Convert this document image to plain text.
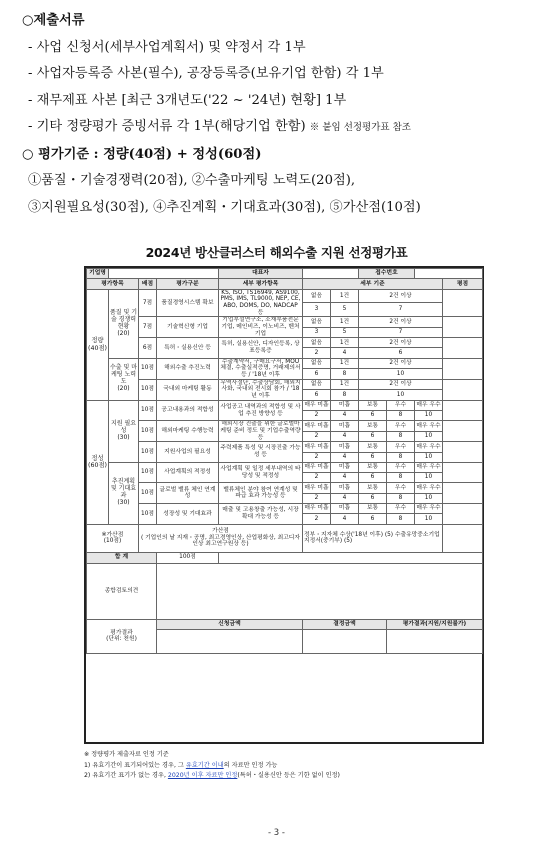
○제출서류
- 사업 신청서(세부사업계획서) 및 약정서 각 1부
- 사업자등록증 사본(필수), 공장등록증(보유기업 한함) 각 1부
- 재무제표 사본 [최근 3개년도('22 ~ '24년) 현황] 1부
- 기타 정량평가 증빙서류 각 1부(해당기업 한함) ※ 붙임 선정평가표 참조
○ 평가기준 : 정량(40점) + 정성(60점)
①품질・기술경쟁력(20점), ②수출마케팅 노력도(20점),
③지원필요성(30점), ④추진계획・기대효과(30점), ⑤가산점(10점)
2024년 방산클러스터 해외수출 지원 선정평가표
기업명				대표자			접수번호			
평가항목		배점	평가구분	세부 평가항목	세부 기준					평점
정량
(40점)	품질 및 기술 경쟁력 현황
(20)	7점	품질경영시스템 확보	KS, ISO, TS16949, AS9100, PMS, IMS, TL9000, NEP, CE, ABO, DOMS, DO, NADCAP 등	없음	1건	2건 이상			
					3	5	7			
		7점	기술혁신형 기업	기업부설연구소, 소재부품전문 기업, 메인비즈, 이노비즈, 벤처기업	없음	1건	2건 이상			
					3	5	7			
		6점	특허・실용신안 등	특허, 실용신안, 디자인등록, 상표등록증	없음	1건	2건 이상			
					2	4	6			
	수출 및 마케팅 노력도
(20)	10점	해외수출 추진노력	수출계약서, 구매요구서, MOU체결, 수출실적증명, 거래제의서 등 / '18년 이후	없음	1건	2건 이상			
					6	8	10			
		10점	국내외 마케팅 활동	무역사절단, 수출상담회, 해외지사화, 국내외 전시회 참가 / '18년 이후	없음	1건	2건 이상			
					6	8	10			
정성
(60점)	지원 필요성
(30)	10점	공고내용과의 적합성	사업공고 내역과의 적합성 및 사업 추진 방향성 등	매우 미흡	미흡	보통	우수	매우 우수	
					2	4	6	8	10	
		10점	해외마케팅 수행능력	해외시장 진출을 위한 글로벌마케팅 준비 정도 및 기업수출역량 등	매우 미흡	미흡	보통	우수	매우 우수	
					2	4	6	8	10	
		10점	지원사업의 필요성	주력제품 특성 및 시장진출 가능성 등	매우 미흡	미흡	보통	우수	매우 우수	
					2	4	6	8	10	
	추진계획 및 기대효과
(30)	10점	사업계획의 적정성	사업계획 및 일정 세부내역의 타당성 및 적정성	매우 미흡	미흡	보통	우수	매우 우수	
					2	4	6	8	10	
		10점	글로벌 밸류 체인 연계성	밸류체인 분야 참여 연계성 및 파급 효과 가능성 등	매우 미흡	미흡	보통	우수	매우 우수	
					2	4	6	8	10	
		10점	성장성 및 기대효과	매출 및 고용창출 가능성, 시장 확대 가능성 등	매우 미흡	미흡	보통	우수	매우 우수	
					2	4	6	8	10	
※가산점
(10점)		가산점
( 기업인의 날 지재・공명, 최고경영인상, 산업평화상, 최고디자인상 최고연구원상 등)			정부・지자체 수상('18년 이후) (5) 수출유망중소기업 지정서(중기부) (5)					
합 계			100점							
종합검토의견										
평가결과
(단위: 천원)			신청금액		결정금액			평가결과(지원/지원불가)		

※ 정량평가 제출자료 인정 기준
1) 유효기간이 표기되어있는 경우, 그 유효기간 이내의 자료만 인정 가능
2) 유효기간 표기가 없는 경우, 2020년 이후 자료만 인정(특허・실용신안 등은 기한 없이 인정)
- 3 -
